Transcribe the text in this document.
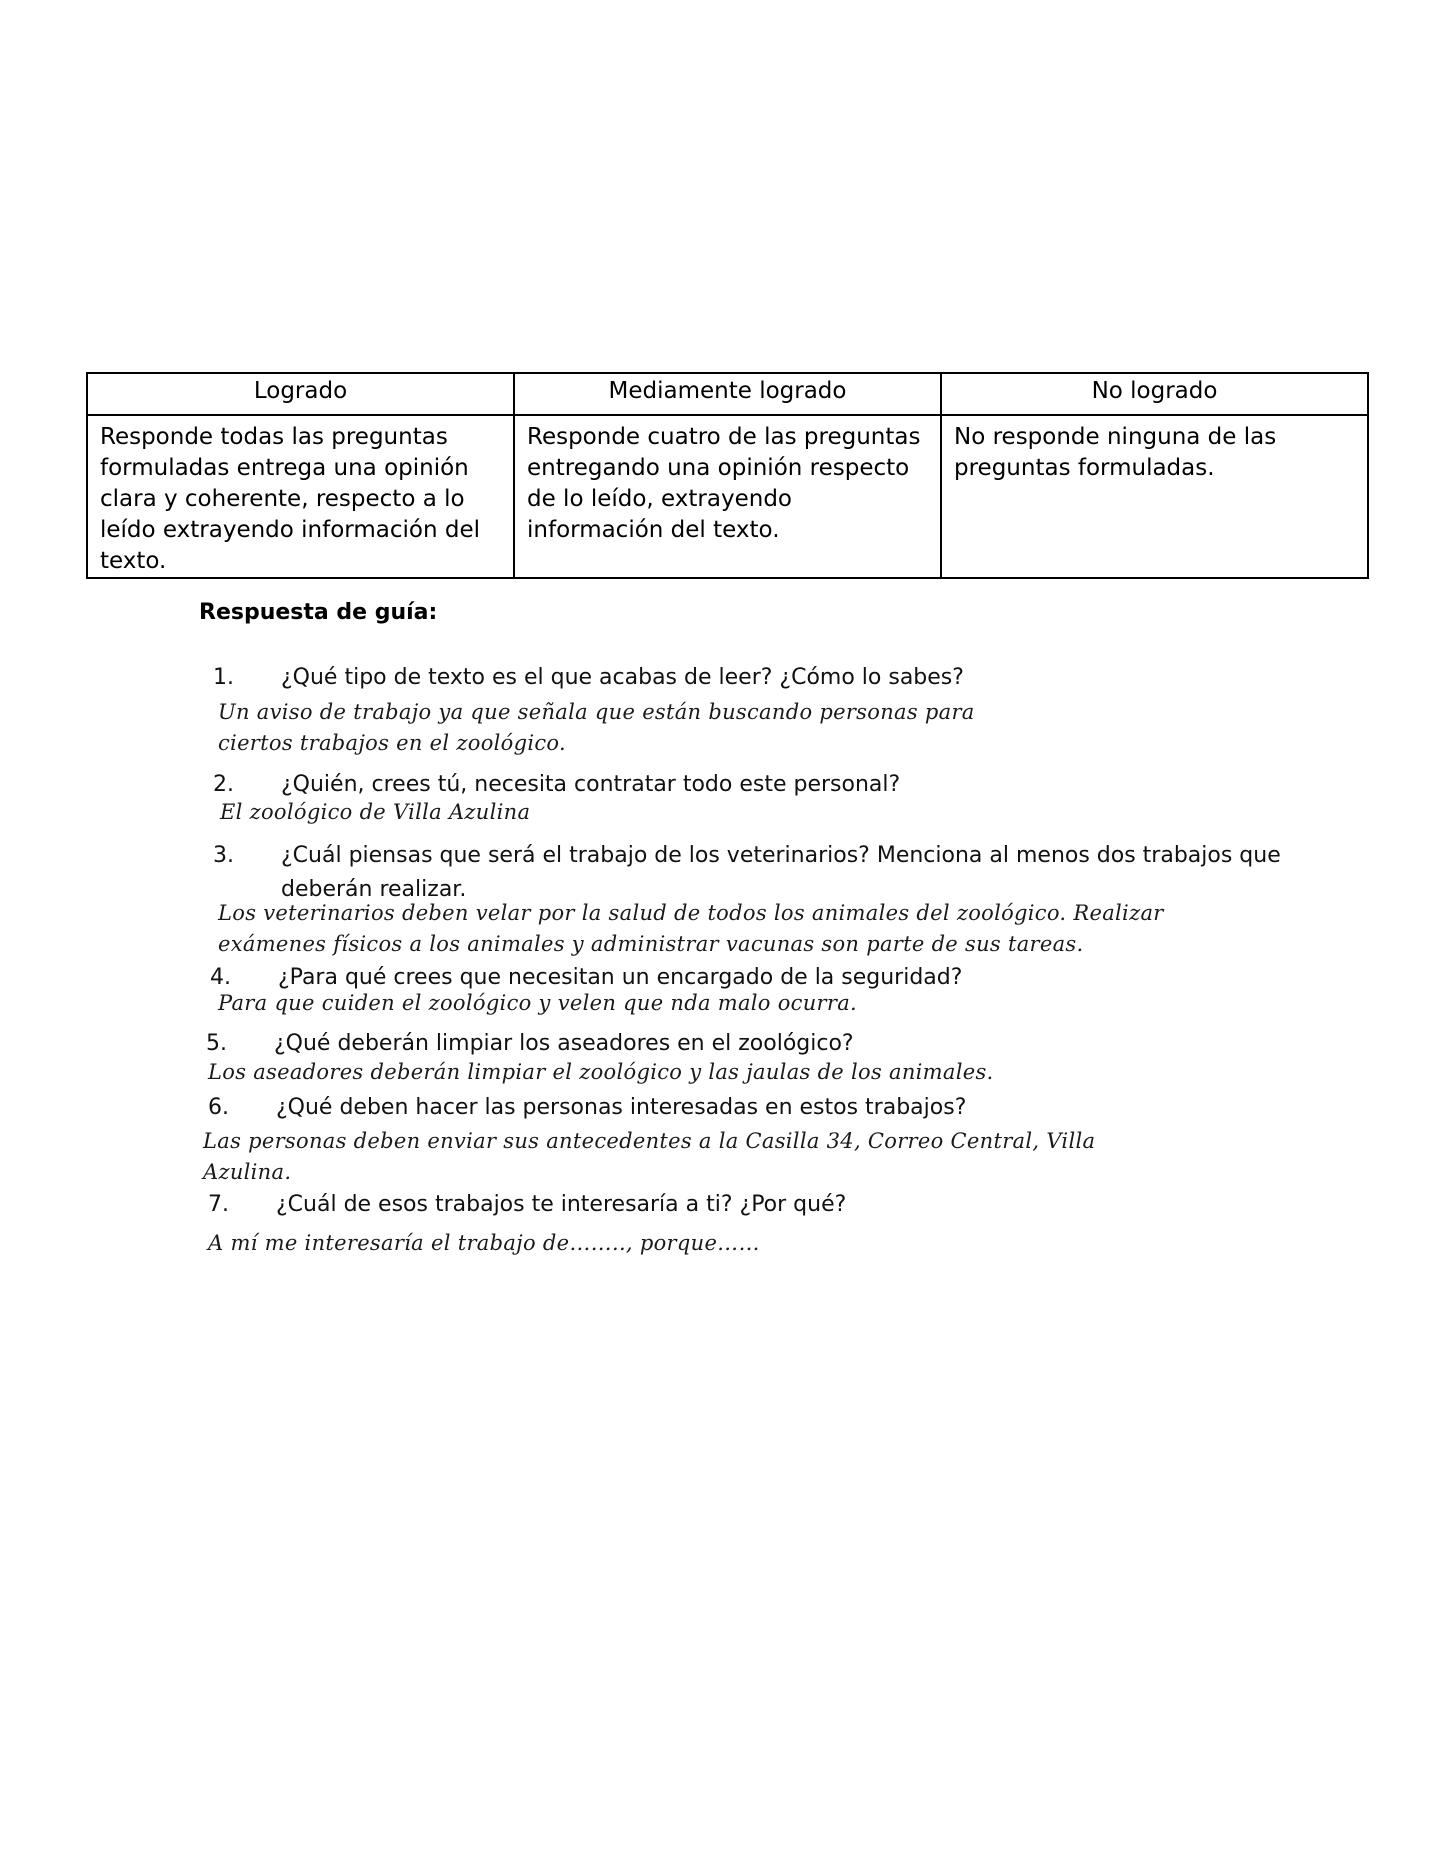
Logrado	Mediamente logrado	No logrado
Responde todas las preguntas formuladas entrega una opinión clara y coherente, respecto a lo leído extrayendo información del texto.	Responde cuatro de las preguntas entregando una opinión respecto de lo leído, extrayendo información del texto.	No responde ninguna de las preguntas formuladas.
Respuesta de guía:
1. ¿Qué tipo de texto es el que acabas de leer? ¿Cómo lo sabes?
Un aviso de trabajo ya que señala que están buscando personas para
ciertos trabajos en el zoológico.
2. ¿Quién, crees tú, necesita contratar todo este personal?
El zoológico de Villa Azulina
3. ¿Cuál piensas que será el trabajo de los veterinarios? Menciona al menos dos trabajos que
deberán realizar.
Los veterinarios deben velar por la salud de todos los animales del zoológico. Realizar
exámenes físicos a los animales y administrar vacunas son parte de sus tareas.
4. ¿Para qué crees que necesitan un encargado de la seguridad?
Para que cuiden el zoológico y velen que nda malo ocurra.
5. ¿Qué deberán limpiar los aseadores en el zoológico?
Los aseadores deberán limpiar el zoológico y las jaulas de los animales.
6. ¿Qué deben hacer las personas interesadas en estos trabajos?
Las personas deben enviar sus antecedentes a la Casilla 34, Correo Central, Villa
Azulina.
7. ¿Cuál de esos trabajos te interesaría a ti? ¿Por qué?
A mí me interesaría el trabajo de…….., porque……
